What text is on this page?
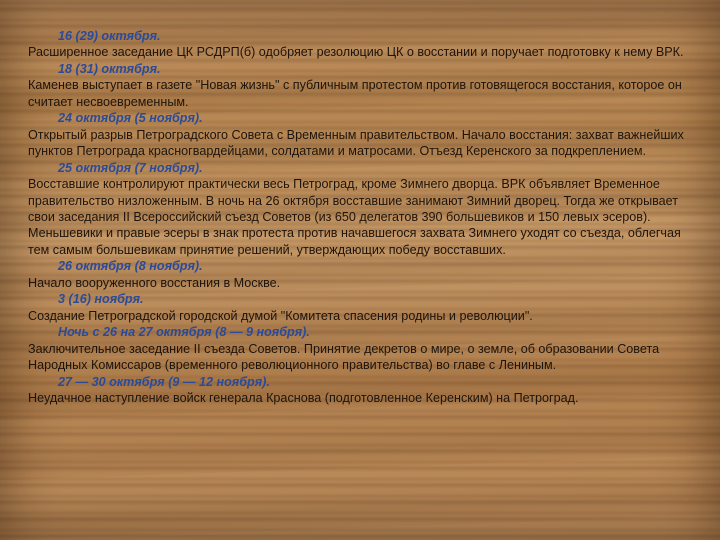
16 (29) октября.
Расширенное заседание ЦК РСДРП(б) одобряет резолюцию ЦК о восстании и поручает подготовку к нему ВРК.
18 (31) октября.
Каменев выступает в газете "Новая жизнь" с публичным протестом против готовящегося восстания, которое он считает несвоевременным.
24 октября (5 ноября).
Открытый разрыв Петроградского Совета с Временным правительством. Начало восстания: захват важнейших пунктов Петрограда красногвардейцами, солдатами и матросами. Отъезд Керенского за подкреплением.
25 октября (7 ноября).
Восставшие контролируют практически весь Петроград, кроме Зимнего дворца. ВРК объявляет Временное правительство низложенным. В ночь на 26 октября восставшие занимают Зимний дворец. Тогда же открывает свои заседания II Всероссийский съезд Советов (из 650 делегатов 390 большевиков и 150 левых эсеров). Меньшевики и правые эсеры в знак протеста против начавшегося захвата Зимнего уходят со съезда, облегчая тем самым большевикам принятие решений, утверждающих победу восставших.
26 октября (8 ноября).
Начало вооруженного восстания в Москве.
3 (16) ноября.
Создание Петроградской городской думой "Комитета спасения родины и революции".
Ночь с 26 на 27 октября (8 — 9 ноября).
Заключительное заседание II съезда Советов. Принятие декретов о мире, о земле, об образовании Совета Народных Комиссаров (временного революционного правительства) во главе с Лениным.
27 — 30 октября (9 — 12 ноября).
Неудачное наступление войск генерала Краснова (подготовленное Керенским) на Петроград.
